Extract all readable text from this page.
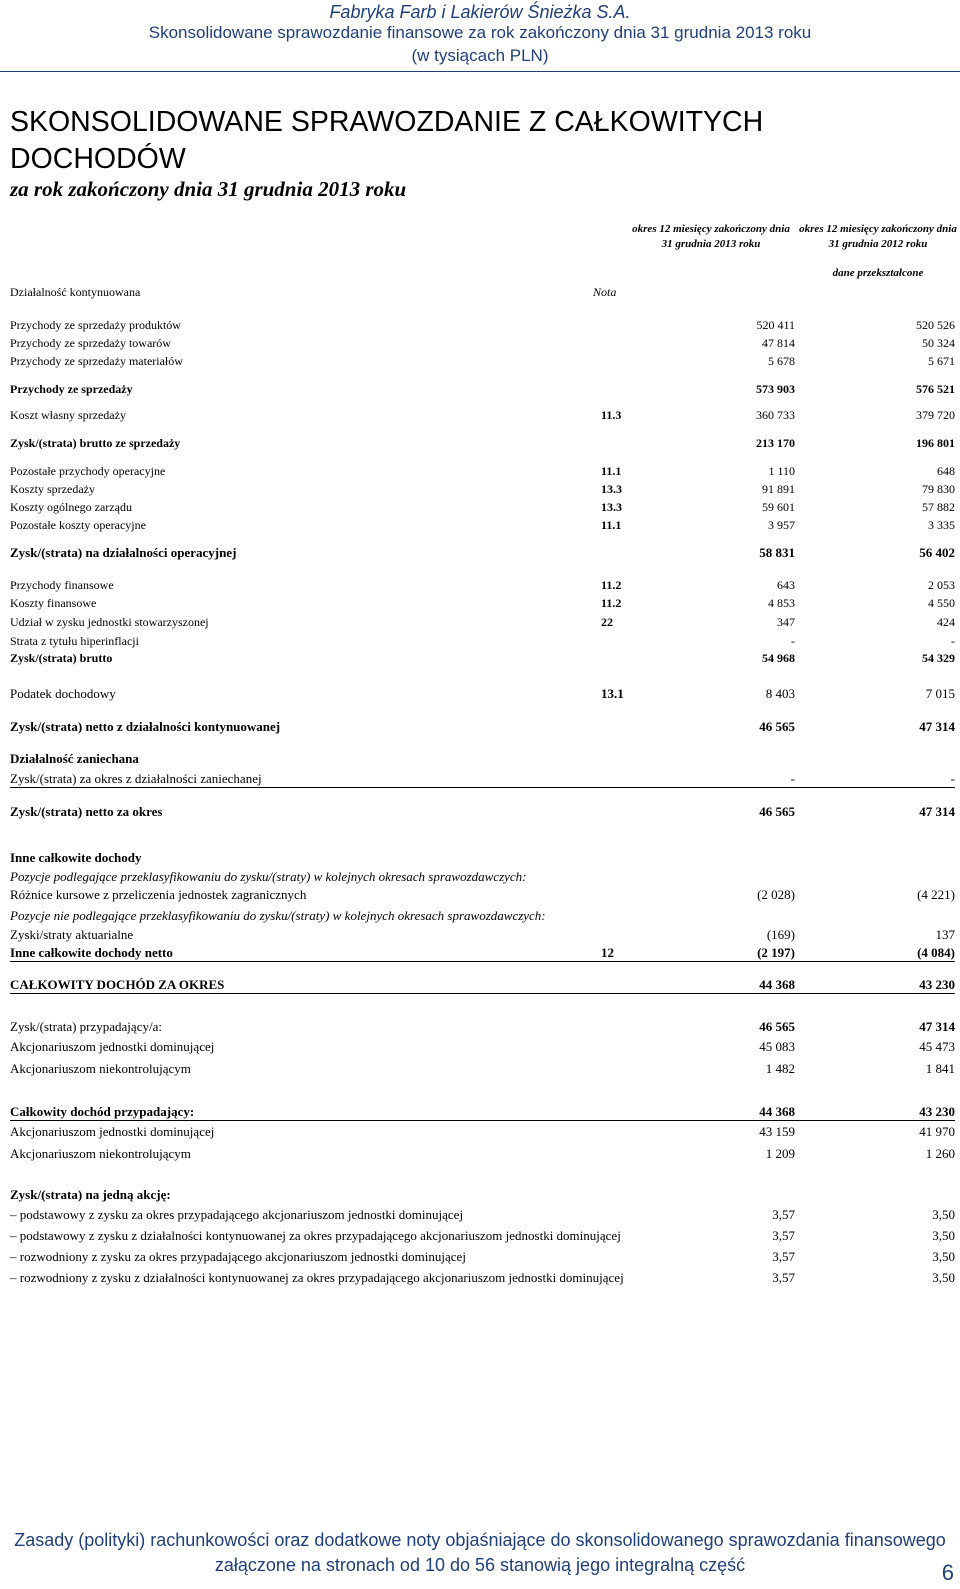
Fabryka Farb i Lakierów Śnieżka S.A.
Skonsolidowane sprawozdanie finansowe za rok zakończony dnia 31 grudnia 2013 roku
(w tysiącach PLN)
SKONSOLIDOWANE SPRAWOZDANIE Z CAŁKOWITYCH DOCHODÓW
za rok zakończony dnia 31 grudnia 2013 roku
okres 12 miesięcy zakończony dnia 31 grudnia 2013 roku
okres 12 miesięcy zakończony dnia 31 grudnia 2012 roku
dane przekształcone
Działalność kontynuowana	Nota
Przychody ze sprzedaży produktów	520 411	520 526
Przychody ze sprzedaży towarów	47 814	50 324
Przychody ze sprzedaży materiałów	5 678	5 671
Przychody ze sprzedaży	573 903	576 521
Koszt własny sprzedaży	11.3	360 733	379 720
Zysk/(strata) brutto ze sprzedaży	213 170	196 801
Pozostałe przychody operacyjne	11.1	1 110	648
Koszty sprzedaży	13.3	91 891	79 830
Koszty ogólnego zarządu	13.3	59 601	57 882
Pozostałe koszty operacyjne	11.1	3 957	3 335
Zysk/(strata) na działalności operacyjnej	58 831	56 402
Przychody finansowe	11.2	643	2 053
Koszty finansowe	11.2	4 853	4 550
Udział w zysku jednostki stowarzyszonej	22	347	424
Strata z tytułu hiperinflacji	-	-
Zysk/(strata) brutto	54 968	54 329
Podatek dochodowy	13.1	8 403	7 015
Zysk/(strata) netto z działalności kontynuowanej	46 565	47 314
Działalność zaniechana
Zysk/(strata) za okres z działalności zaniechanej	-	-
Zysk/(strata) netto za okres	46 565	47 314
Inne całkowite dochody
Pozycje podlegające przeklasyfikowaniu do zysku/(straty) w kolejnych okresach sprawozdawczych:
Różnice kursowe z przeliczenia jednostek zagranicznych	(2 028)	(4 221)
Pozycje nie podlegające przeklasyfikowaniu do zysku/(straty) w kolejnych okresach sprawozdawczych:
Zyski/straty aktuarialne	(169)	137
Inne całkowite dochody netto	12	(2 197)	(4 084)
CAŁKOWITY DOCHÓD ZA OKRES	44 368	43 230
Zysk/(strata) przypadający/a:	46 565	47 314
Akcjonariuszom jednostki dominującej	45 083	45 473
Akcjonariuszom niekontrolującym	1 482	1 841
Całkowity dochód przypadający:	44 368	43 230
Akcjonariuszom jednostki dominującej	43 159	41 970
Akcjonariuszom niekontrolującym	1 209	1 260
Zysk/(strata) na jedną akcję:
– podstawowy z zysku za okres przypadającego akcjonariuszom jednostki dominującej	3,57	3,50
– podstawowy z zysku z działalności kontynuowanej za okres przypadającego akcjonariuszom jednostki dominującej	3,57	3,50
– rozwodniony z zysku za okres przypadającego akcjonariuszom jednostki dominującej	3,57	3,50
– rozwodniony z zysku z działalności kontynuowanej za okres przypadającego akcjonariuszom jednostki dominującej	3,57	3,50
Zasady (polityki) rachunkowości oraz dodatkowe noty objaśniające do skonsolidowanego sprawozdania finansowego
załączone na stronach od 10 do 56 stanowią jego integralną część	6
